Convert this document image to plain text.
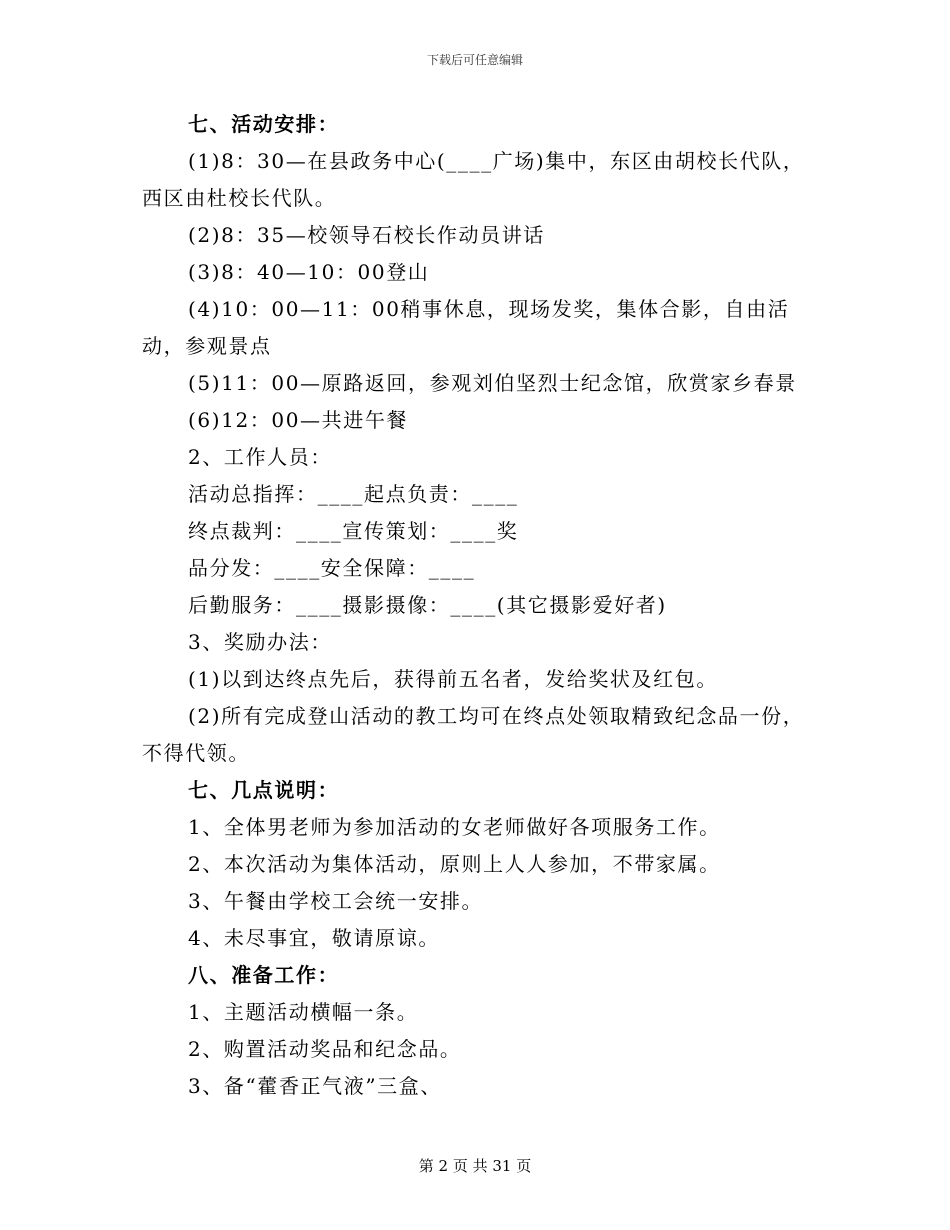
下载后可任意编辑

七、活动安排：

(1)8：30—在县政务中心(____广场)集中，东区由胡校长代队，西区由杜校长代队。

(2)8：35—校领导石校长作动员讲话

(3)8：40—10：00登山

(4)10：00—11：00稍事休息，现场发奖，集体合影，自由活动，参观景点

(5)11：00—原路返回，参观刘伯坚烈士纪念馆，欣赏家乡春景

(6)12：00—共进午餐

2、工作人员：

活动总指挥：____起点负责：____

终点裁判：____宣传策划：____奖

品分发：____安全保障：____

后勤服务：____摄影摄像：____(其它摄影爱好者)

3、奖励办法：

(1)以到达终点先后，获得前五名者，发给奖状及红包。

(2)所有完成登山活动的教工均可在终点处领取精致纪念品一份，不得代领。

七、几点说明：

1、全体男老师为参加活动的女老师做好各项服务工作。

2、本次活动为集体活动，原则上人人参加，不带家属。

3、午餐由学校工会统一安排。

4、未尽事宜，敬请原谅。

八、准备工作：

1、主题活动横幅一条。

2、购置活动奖品和纪念品。

3、备“藿香正气液”三盒、

第 2 页 共 31 页
